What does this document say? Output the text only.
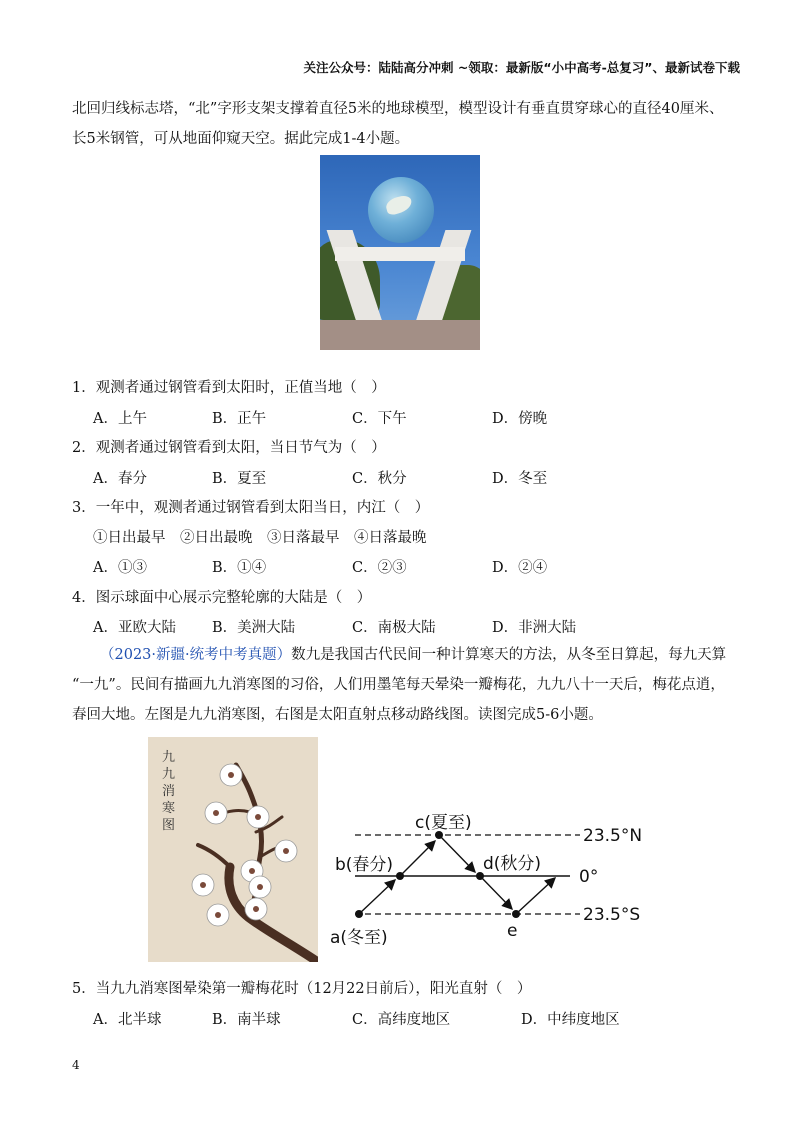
关注公众号：陆陆高分冲刺 ~领取：最新版“小中高考-总复习”、最新试卷下载
北回归线标志塔，“北”字形支架支撑着直径5米的地球模型，模型设计有垂直贯穿球心的直径40厘米、
长5米钢管，可从地面仰窥天空。据此完成1-4小题。
1．观测者通过钢管看到太阳时，正值当地（　）
A．上午	B．正午	C．下午	D．傍晚
2．观测者通过钢管看到太阳，当日节气为（　）
A．春分	B．夏至	C．秋分	D．冬至
3．一年中，观测者通过钢管看到太阳当日，内江（　）
①日出最早　②日出最晚　③日落最早　④日落最晚
A．①③	B．①④	C．②③	D．②④
4．图示球面中心展示完整轮廓的大陆是（　）
A．亚欧大陆 B．美洲大陆	C．南极大陆	D．非洲大陆
（2023·新疆·统考中考真题）数九是我国古代民间一种计算寒天的方法，从冬至日算起，每九天算
“一九”。民间有描画九九消寒图的习俗，人们用墨笔每天晕染一瓣梅花，九九八十一天后，梅花点逍，
春回大地。左图是九九消寒图，右图是太阳直射点移动路线图。读图完成5-6小题。
九
九
消
寒
图	c(夏至)
b(春分)	d(秋分)
a(冬至)	e
23.5°N
0°
23.5°S
5．当九九消寒图晕染第一瓣梅花时（12月22日前后），阳光直射（　）
A．北半球	B．南半球	C．高纬度地区	D．中纬度地区
4
